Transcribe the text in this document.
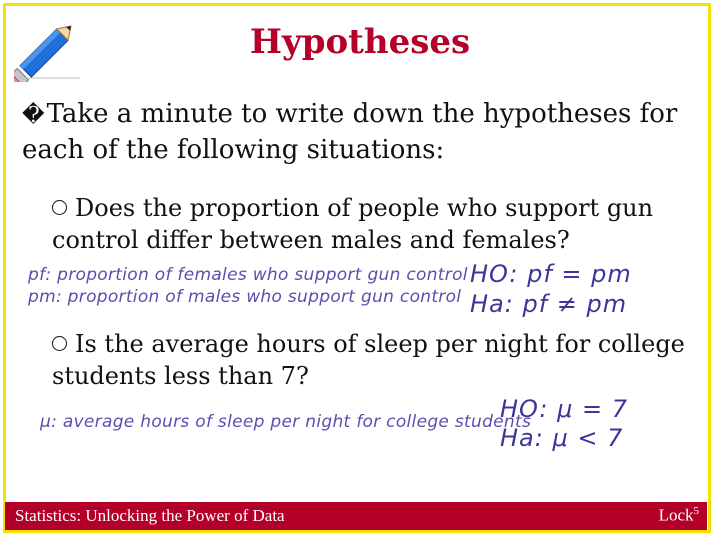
Hypotheses
�Take a minute to write down the hypotheses for each of the following situations:
Does the proportion of people who support gun control differ between males and females?
pf: proportion of females who support gun control
pm: proportion of males who support gun control
HO: pf = pm
Ha: pf ≠ pm
Is the average hours of sleep per night for college students less than 7?
μ: average hours of sleep per night for college students
HO: μ = 7
Ha: μ < 7
Statistics: Unlocking the Power of Data	Lock$^5$
